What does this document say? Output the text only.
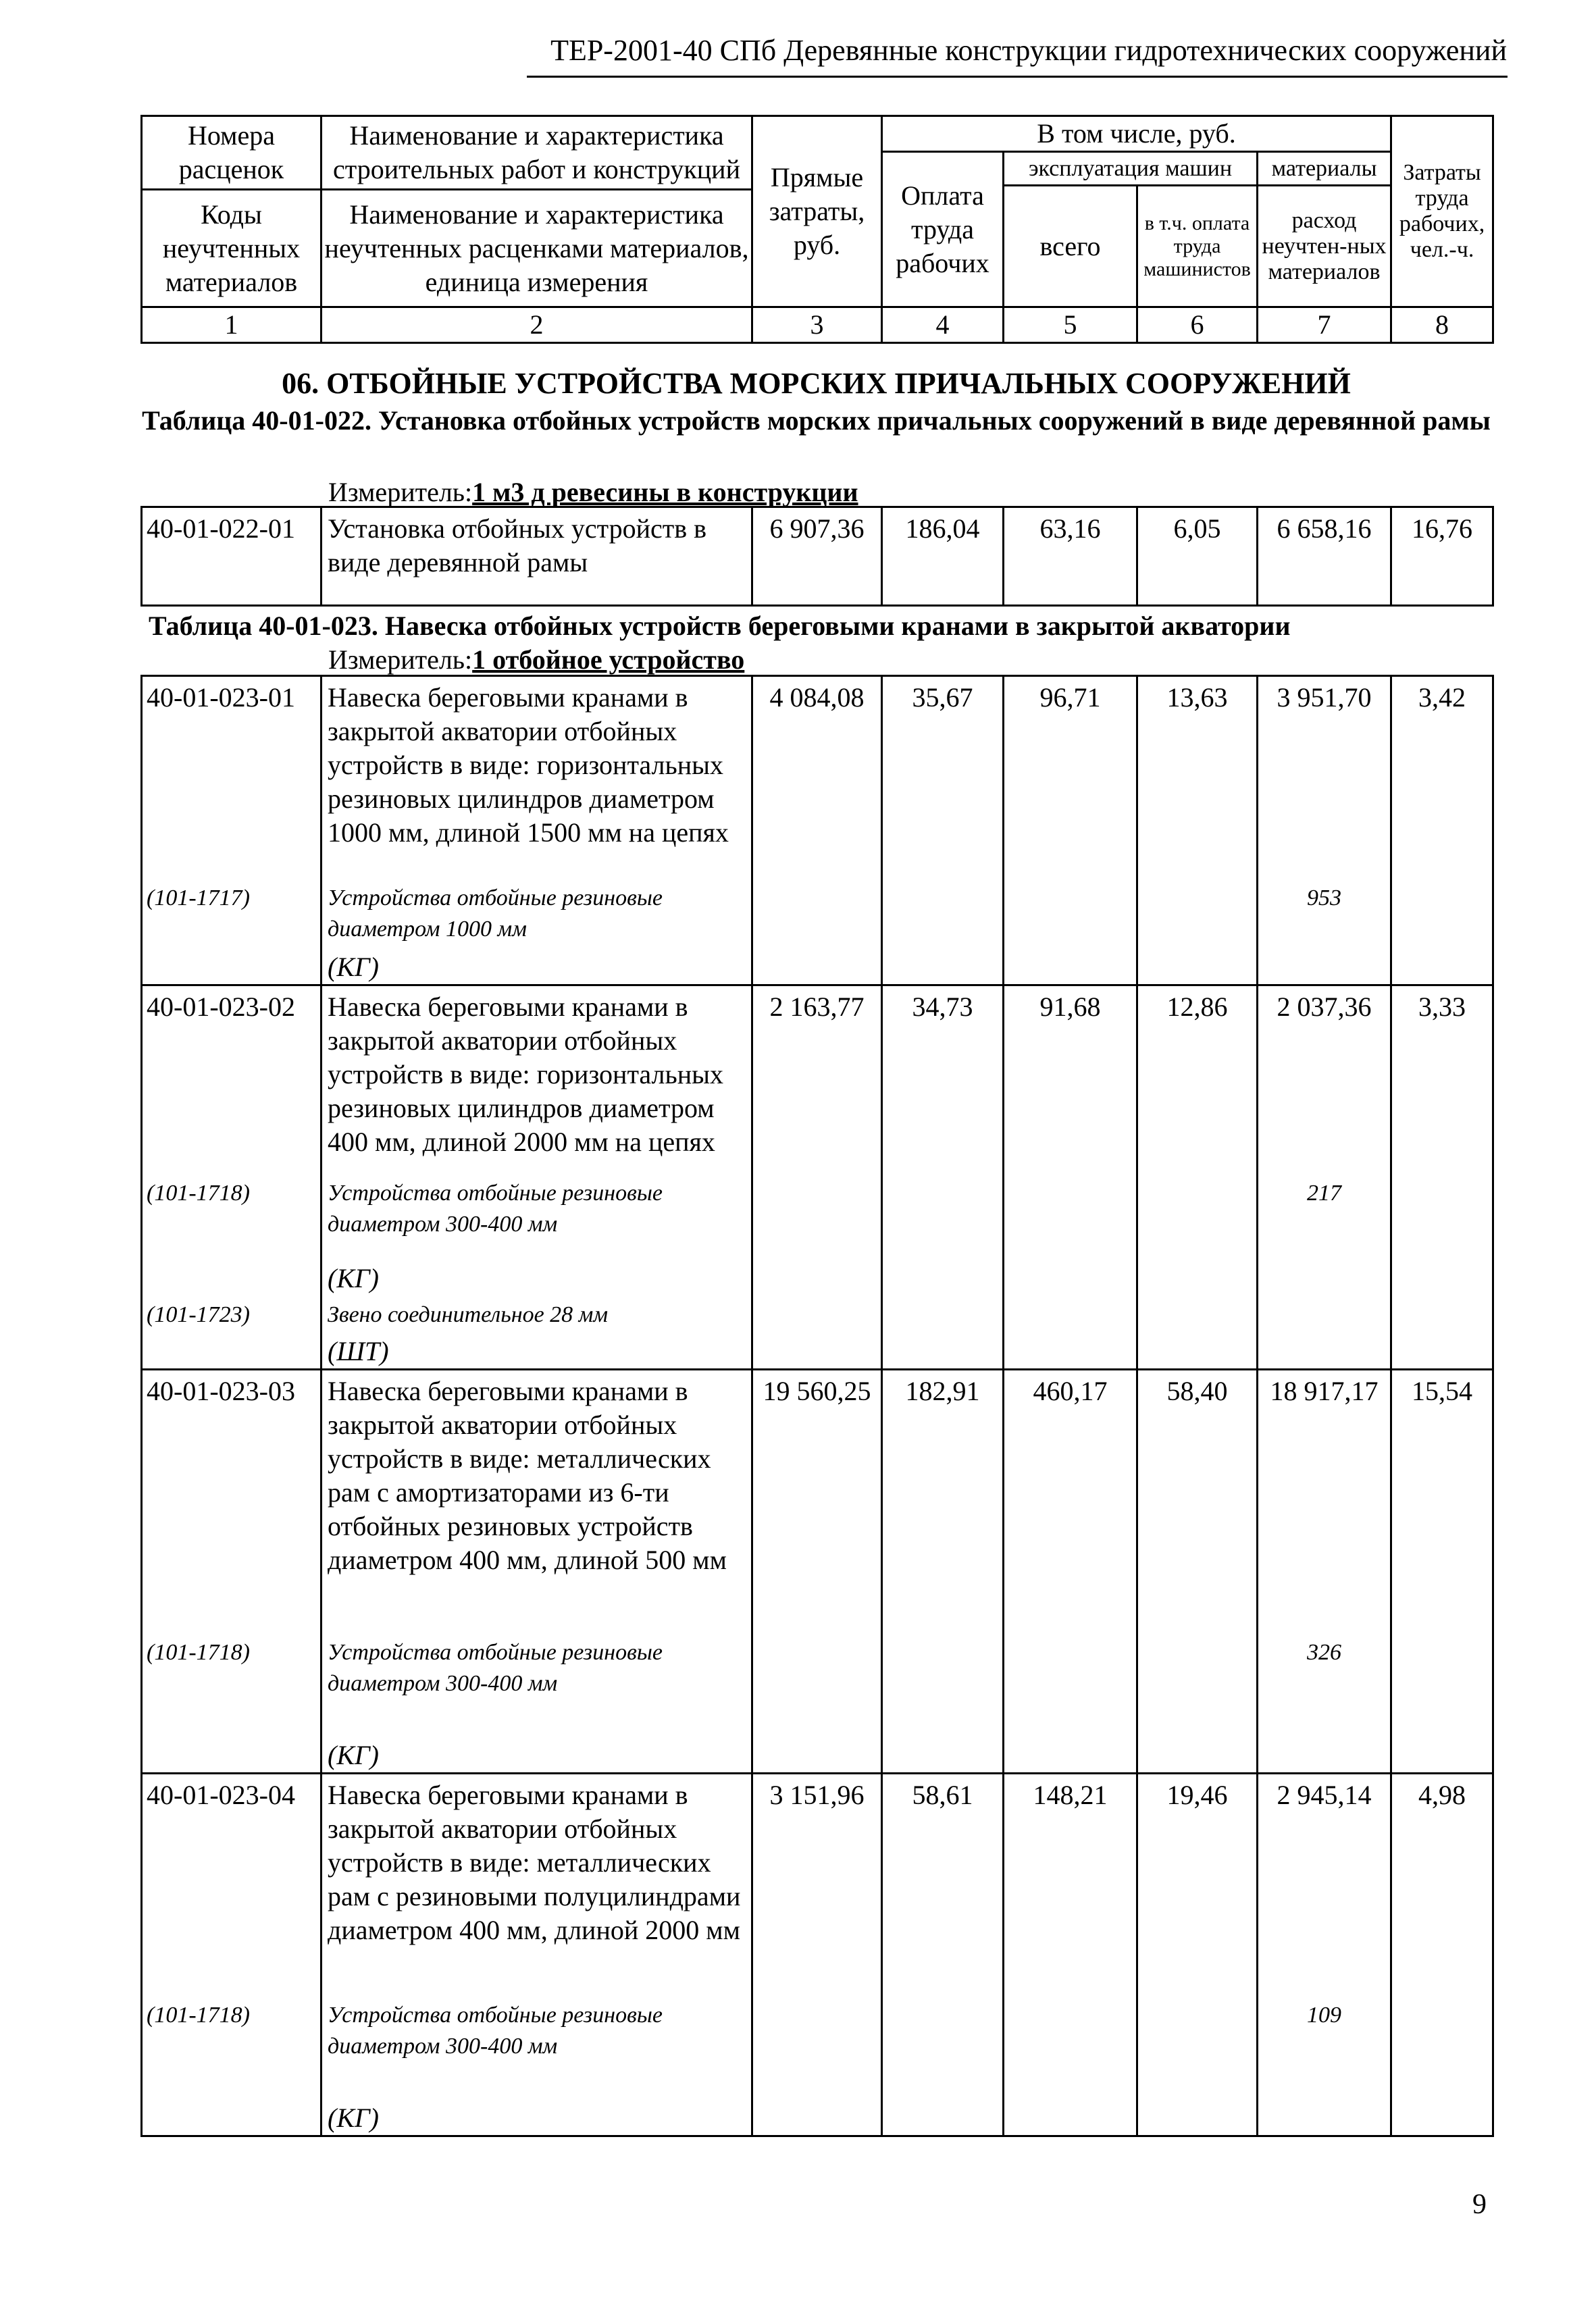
ТЕР-2001-40 СПб Деревянные конструкции гидротехнических сооружений
Номера расценок	Наименование и характеристика строительных работ и конструкций	Прямые затраты, руб.	В том числе, руб.				Затраты труда рабочих, чел.-ч.
			Оплата труда рабочих	эксплуатация машин		материалы	
				всего	в т.ч. оплата труда машинистов	расход неучтен-ных материалов	
Коды неучтенных материалов	Наименование и характеристика неучтенных расценками материалов, единица измерения						

1	2	3	4	5	6	7	8
06. ОТБОЙНЫЕ УСТРОЙСТВА МОРСКИХ ПРИЧАЛЬНЫХ СООРУЖЕНИЙ
Таблица 40-01-022. Установка отбойных устройств морских причальных сооружений в виде деревянной рамы
Измеритель:1 м3 д ревесины в конструкции
40-01-022-01	Установка отбойных устройств в виде деревянной рамы	6 907,36	186,04	63,16	6,05	6 658,16	16,76
Таблица 40-01-023. Навеска отбойных устройств береговыми кранами в закрытой акватории
Измеритель:1 отбойное устройство
40-01-023-01	Навеска береговыми кранами в закрытой акватории отбойных устройств в виде: горизонтальных резиновых цилиндров диаметром 1000 мм, длиной 1500 мм на цепях	4 084,08	35,67	96,71	13,63	3 951,70	3,42
(101-1717)	Устройства отбойные резиновые диаметром 1000 мм					953	
	(КГ)						
40-01-023-02	Навеска береговыми кранами в закрытой акватории отбойных устройств в виде: горизонтальных резиновых цилиндров диаметром 400 мм, длиной 2000 мм на цепях	2 163,77	34,73	91,68	12,86	2 037,36	3,33
(101-1718)	Устройства отбойные резиновые диаметром 300-400 мм					217	
	(КГ)						
(101-1723)	Звено соединительное 28 мм						
	(ШТ)						
40-01-023-03	Навеска береговыми кранами в закрытой акватории отбойных устройств в виде: металлических рам с амортизаторами из 6-ти отбойных резиновых устройств диаметром 400 мм, длиной 500 мм	19 560,25	182,91	460,17	58,40	18 917,17	15,54
(101-1718)	Устройства отбойные резиновые диаметром 300-400 мм					326	
	(КГ)						
40-01-023-04	Навеска береговыми кранами в закрытой акватории отбойных устройств в виде: металлических рам с резиновыми полуцилиндрами диаметром 400 мм, длиной 2000 мм	3 151,96	58,61	148,21	19,46	2 945,14	4,98
(101-1718)	Устройства отбойные резиновые диаметром 300-400 мм					109	
	(КГ)						
9
